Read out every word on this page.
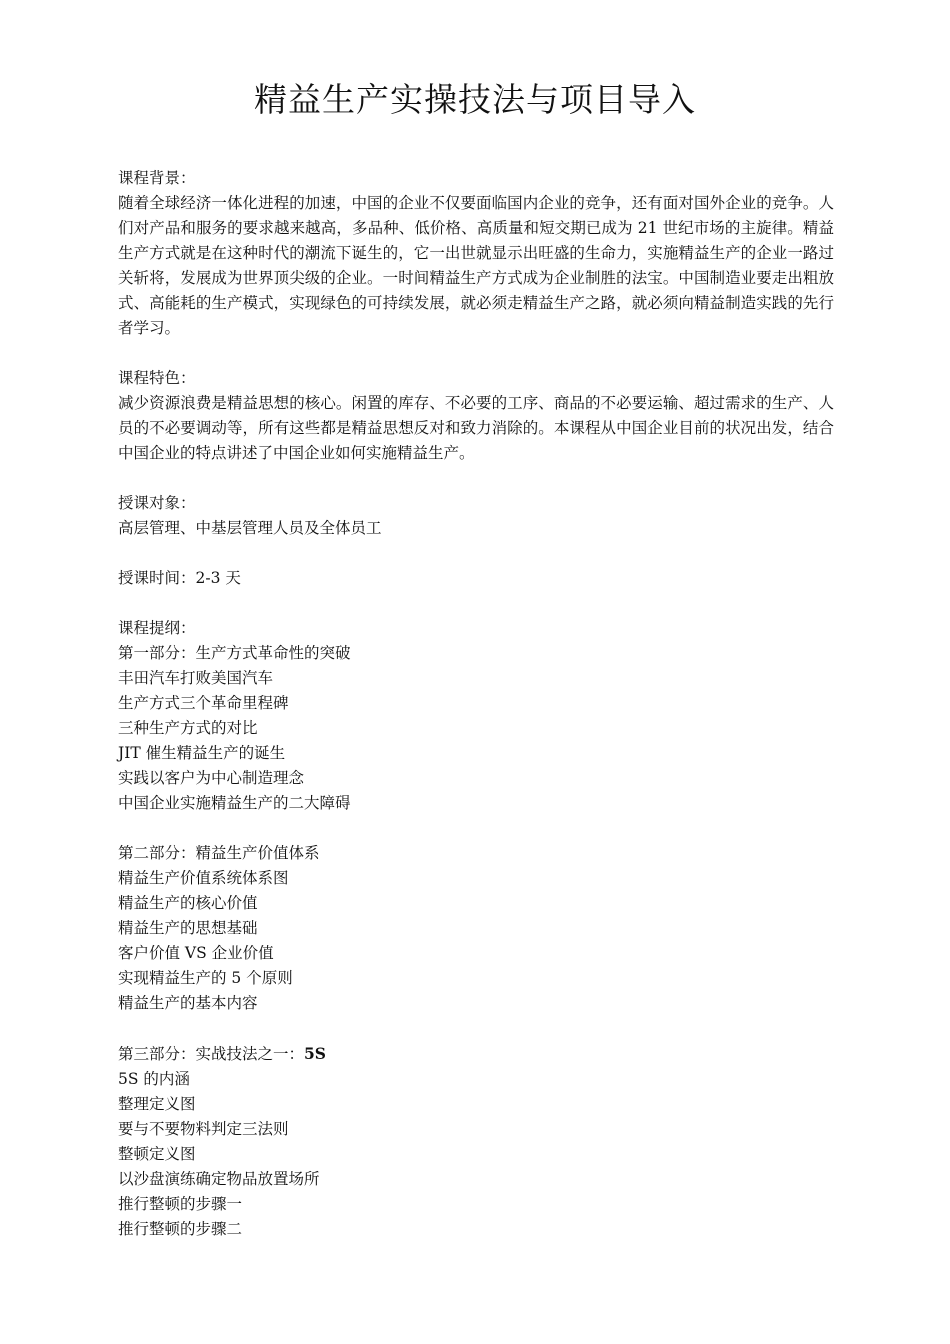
精益生产实操技法与项目导入

课程背景：

随着全球经济一体化进程的加速，中国的企业不仅要面临国内企业的竞争，还有面对国外企业的竞争。人们对产品和服务的要求越来越高，多品种、低价格、高质量和短交期已成为 21 世纪市场的主旋律。精益生产方式就是在这种时代的潮流下诞生的，它一出世就显示出旺盛的生命力，实施精益生产的企业一路过关斩将，发展成为世界顶尖级的企业。一时间精益生产方式成为企业制胜的法宝。中国制造业要走出粗放式、高能耗的生产模式，实现绿色的可持续发展，就必须走精益生产之路，就必须向精益制造实践的先行者学习。

课程特色：

减少资源浪费是精益思想的核心。闲置的库存、不必要的工序、商品的不必要运输、超过需求的生产、人员的不必要调动等，所有这些都是精益思想反对和致力消除的。本课程从中国企业目前的状况出发，结合中国企业的特点讲述了中国企业如何实施精益生产。

授课对象：

高层管理、中基层管理人员及全体员工

授课时间：2-3 天

课程提纲：

第一部分：生产方式革命性的突破

丰田汽车打败美国汽车

生产方式三个革命里程碑

三种生产方式的对比

JIT 催生精益生产的诞生

实践以客户为中心制造理念

中国企业实施精益生产的二大障碍

第二部分：精益生产价值体系

精益生产价值系统体系图

精益生产的核心价值

精益生产的思想基础

客户价值 VS 企业价值

实现精益生产的 5 个原则

精益生产的基本内容

第三部分：实战技法之一：5S

5S 的内涵

整理定义图

要与不要物料判定三法则

整顿定义图

以沙盘演练确定物品放置场所

推行整顿的步骤一

推行整顿的步骤二
